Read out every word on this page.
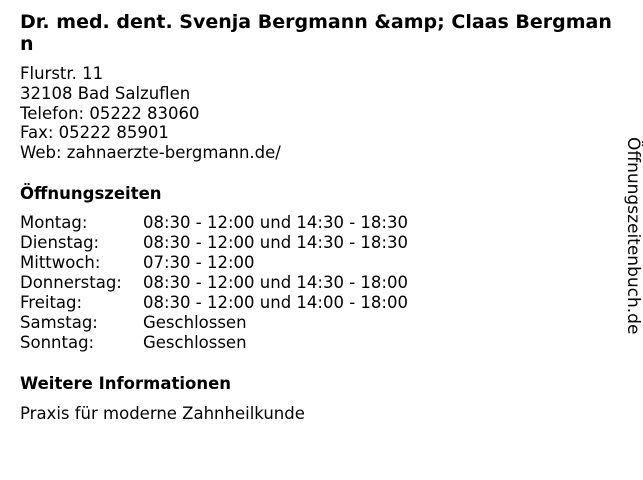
Dr. med. dent. Svenja Bergmann &amp; Claas Bergmann
Flurstr. 11
32108 Bad Salzuflen
Telefon: 05222 83060
Fax: 05222 85901
Web: zahnaerzte-bergmann.de/
Öffnungszeiten
Montag:	08:30 - 12:00 und 14:30 - 18:30
Dienstag:	08:30 - 12:00 und 14:30 - 18:30
Mittwoch:	07:30 - 12:00
Donnerstag:	08:30 - 12:00 und 14:30 - 18:00
Freitag:	08:30 - 12:00 und 14:00 - 18:00
Samstag:	Geschlossen
Sonntag:	Geschlossen
Weitere Informationen
Praxis für moderne Zahnheilkunde
Öffnungszeitenbuch.de
